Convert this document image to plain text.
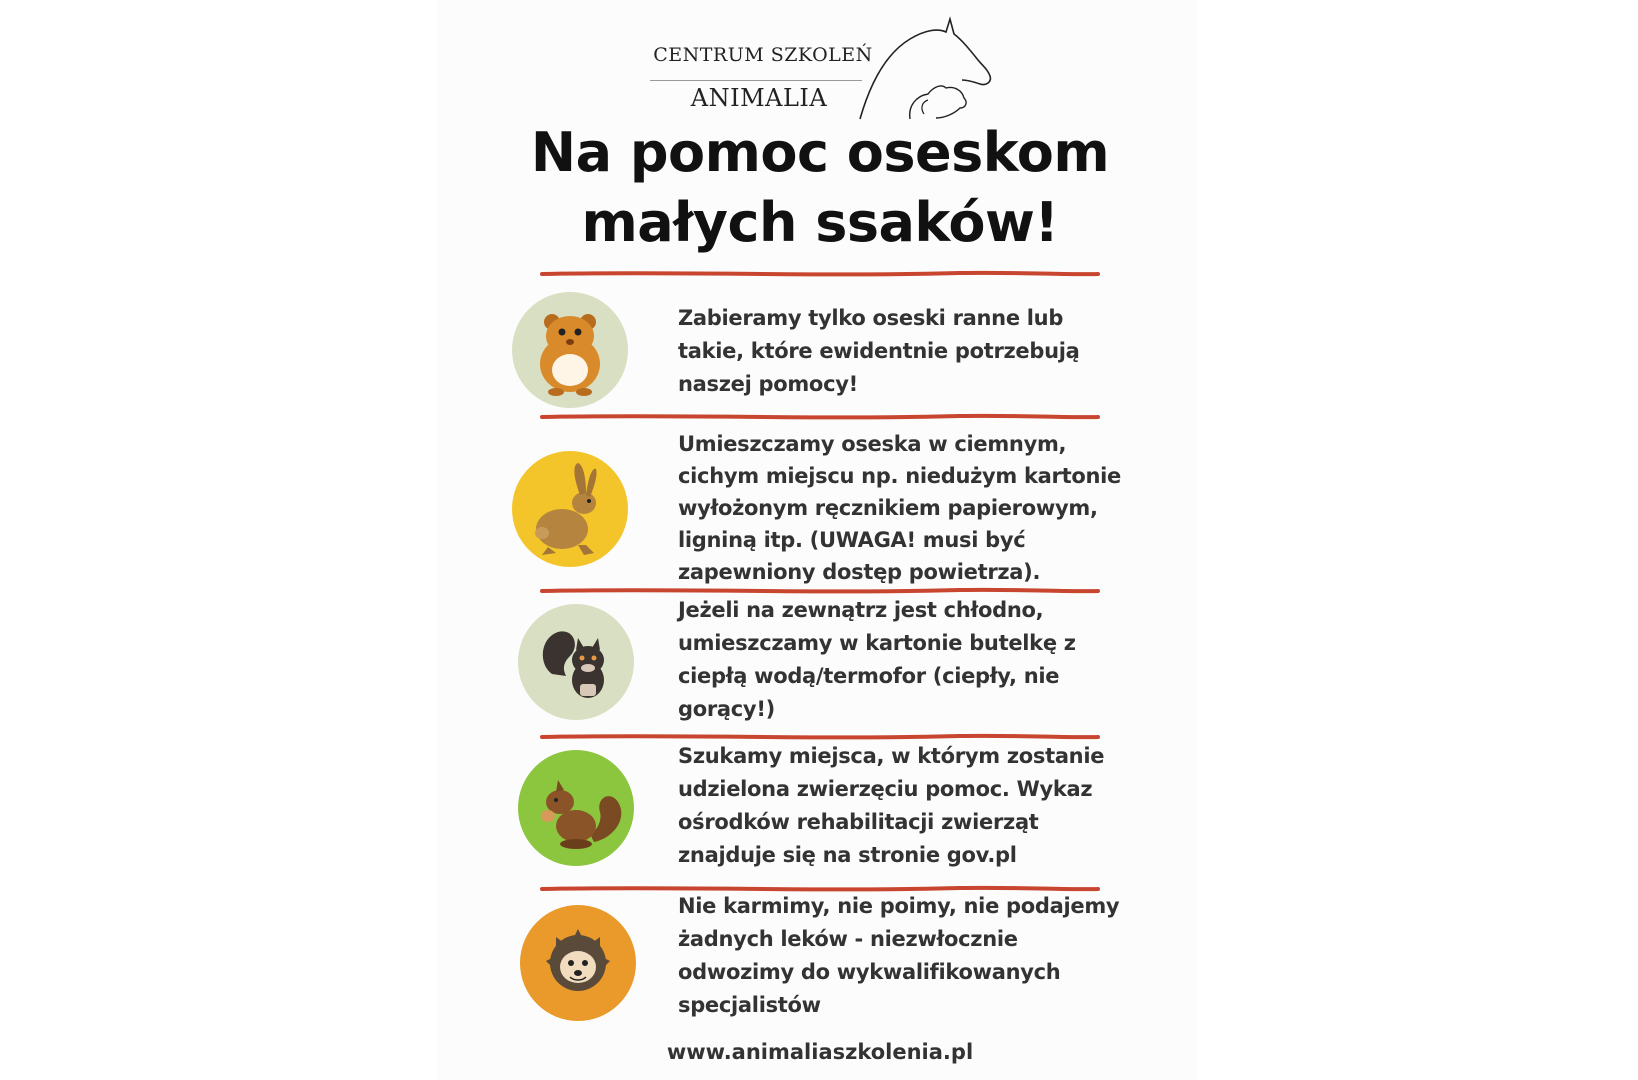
CENTRUM SZKOLEŃ
ANIMALIA
Na pomoc oseskom małych ssaków!
Zabieramy tylko oseski ranne lub takie, które ewidentnie potrzebują naszej pomocy!
Umieszczamy oseska w ciemnym, cichym miejscu np. niedużym kartonie wyłożonym ręcznikiem papierowym, ligniną itp. (UWAGA! musi być zapewniony dostęp powietrza).
Jeżeli na zewnątrz jest chłodno, umieszczamy w kartonie butelkę z ciepłą wodą/termofor (ciepły, nie gorący!)
Szukamy miejsca, w którym zostanie udzielona zwierzęciu pomoc. Wykaz ośrodków rehabilitacji zwierząt znajduje się na stronie gov.pl
Nie karmimy, nie poimy, nie podajemy żadnych leków - niezwłocznie odwozimy do wykwalifikowanych specjalistów
www.animaliaszkolenia.pl
